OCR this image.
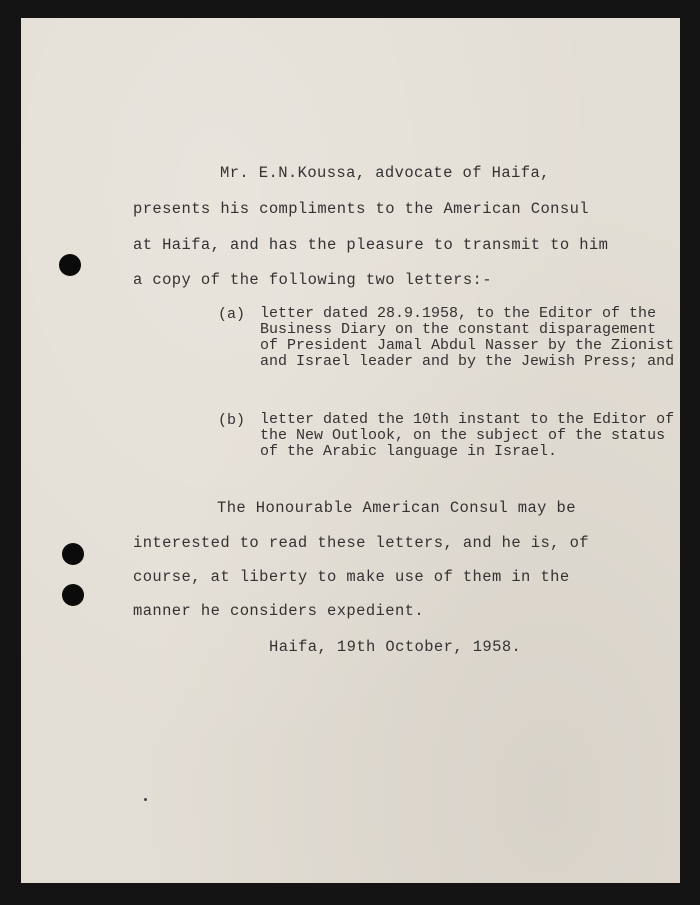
Mr. E.N.Koussa, advocate of Haifa,
presents his compliments to the American Consul
at Haifa, and has the pleasure to transmit to him
a copy of the following two letters:-
(a) letter dated 28.9.1958, to the Editor of the Business Diary on the constant disparagement of President Jamal Abdul Nasser by the Zionist and Israel leader and by the Jewish Press; and
(b) letter dated the 10th instant to the Editor of the New Outlook, on the subject of the status of the Arabic language in Israel.
The Honourable American Consul may be
interested to read these letters, and he is, of
course, at liberty to make use of them in the
manner he considers expedient.
Haifa, 19th October, 1958.
